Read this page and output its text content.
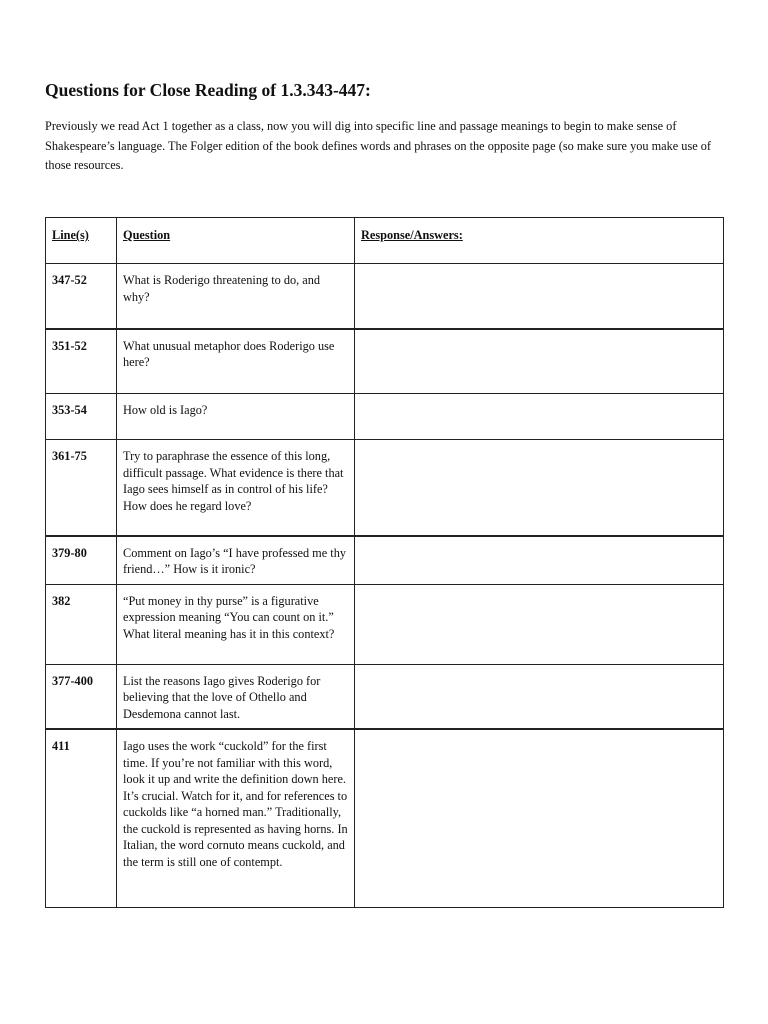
Questions for Close Reading of 1.3.343-447:

Previously we read Act 1 together as a class, now you will dig into specific line and passage meanings to begin to make sense of Shakespeare’s language. The Folger edition of the book defines words and phrases on the opposite page (so make sure you make use of those resources.

Line(s)	Question	Response/Answers:
347-52	What is Roderigo threatening to do, and why?	
351-52	What unusual metaphor does Roderigo use here?	
353-54	How old is Iago?	
361-75	Try to paraphrase the essence of this long, difficult passage. What evidence is there that Iago sees himself as in control of his life? How does he regard love?	
379-80	Comment on Iago’s “I have professed me thy friend…” How is it ironic?	
382	“Put money in thy purse” is a figurative expression meaning “You can count on it.” What literal meaning has it in this context?	
377-400	List the reasons Iago gives Roderigo for believing that the love of Othello and Desdemona cannot last.	
411	Iago uses the work “cuckold” for the first time. If you’re not familiar with this word, look it up and write the definition down here. It’s crucial. Watch for it, and for references to cuckolds like “a horned man.” Traditionally, the cuckold is represented as having horns. In Italian, the word cornuto means cuckold, and the term is still one of contempt.	
